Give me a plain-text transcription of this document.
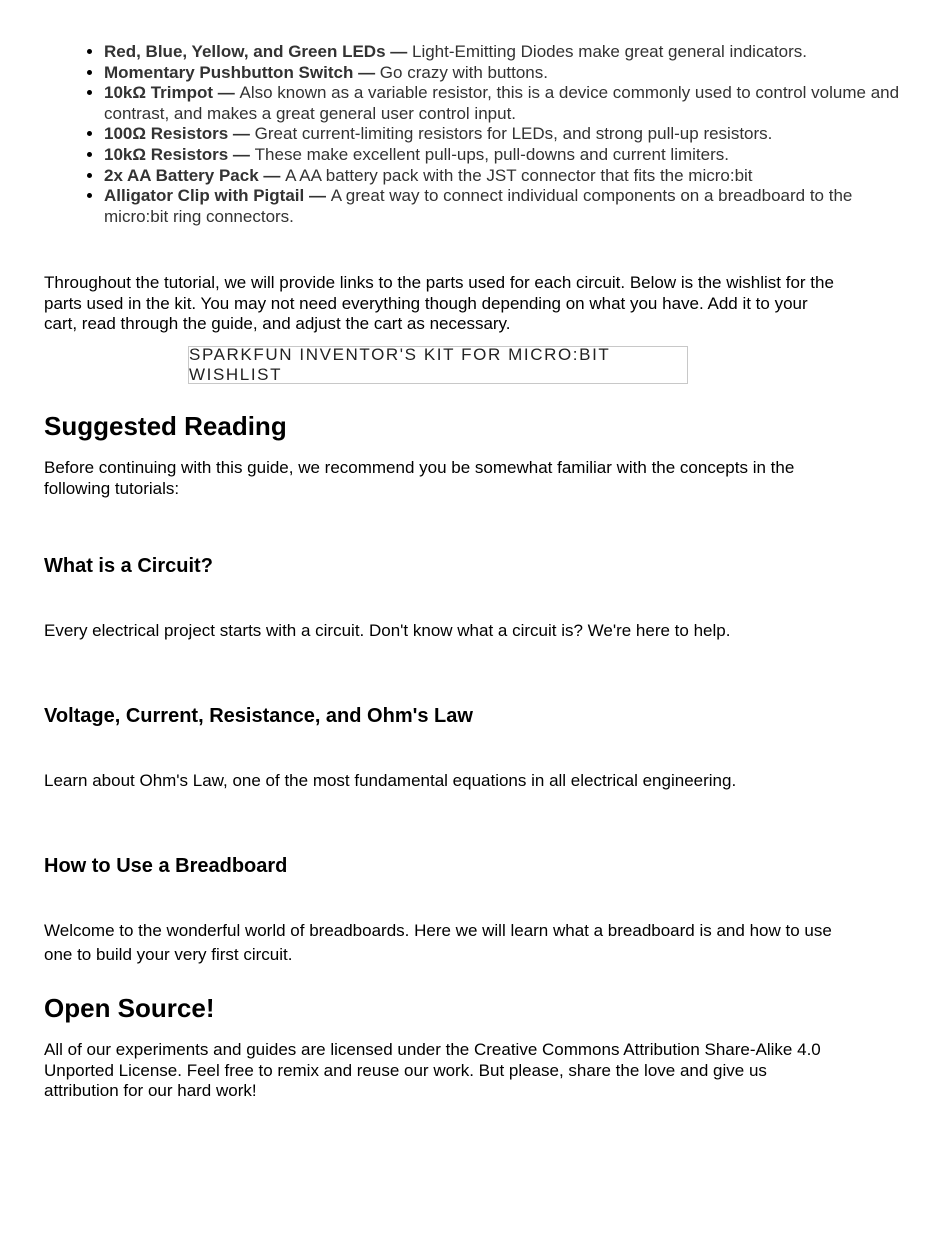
• Red, Blue, Yellow, and Green LEDs — Light-Emitting Diodes make great general indicators.
• Momentary Pushbutton Switch — Go crazy with buttons.
• 10kΩ Trimpot — Also known as a variable resistor, this is a device commonly used to control volume and contrast, and makes a great general user control input.
• 100Ω Resistors — Great current-limiting resistors for LEDs, and strong pull-up resistors.
• 10kΩ Resistors — These make excellent pull-ups, pull-downs and current limiters.
• 2x AA Battery Pack — A AA battery pack with the JST connector that fits the micro:bit
• Alligator Clip with Pigtail — A great way to connect individual components on a breadboard to the micro:bit ring connectors.

Throughout the tutorial, we will provide links to the parts used for each circuit. Below is the wishlist for the parts used in the kit. You may not need everything though depending on what you have. Add it to your cart, read through the guide, and adjust the cart as necessary.

SPARKFUN INVENTOR'S KIT FOR MICRO:BIT WISHLIST
Suggested Reading

Before continuing with this guide, we recommend you be somewhat familiar with the concepts in the following tutorials:

What is a Circuit?

Every electrical project starts with a circuit. Don't know what a circuit is? We're here to help.

Voltage, Current, Resistance, and Ohm's Law

Learn about Ohm's Law, one of the most fundamental equations in all electrical engineering.

How to Use a Breadboard

Welcome to the wonderful world of breadboards. Here we will learn what a breadboard is and how to use one to build your very first circuit.

Open Source!

All of our experiments and guides are licensed under the Creative Commons Attribution Share-Alike 4.0 Unported License. Feel free to remix and reuse our work. But please, share the love and give us attribution for our hard work!
